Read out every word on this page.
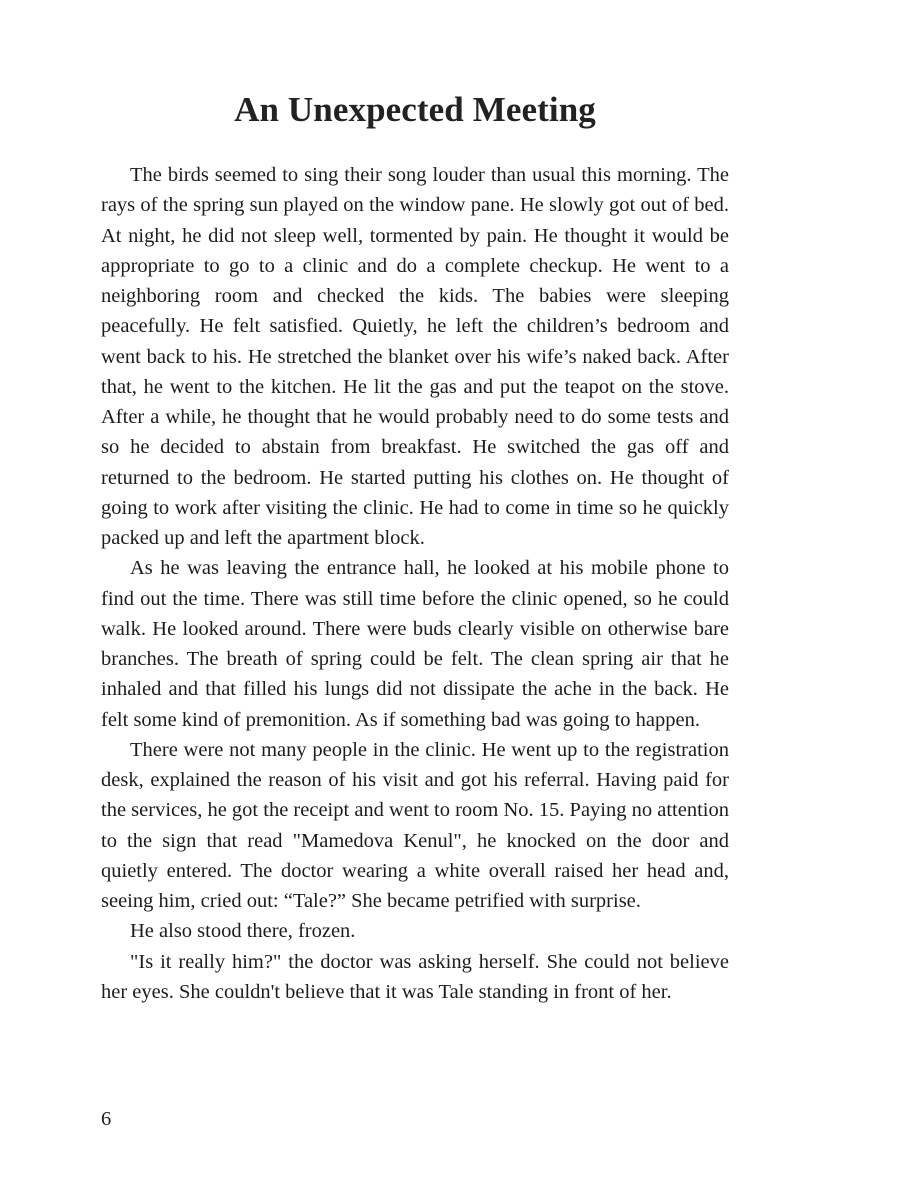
An Unexpected Meeting

The birds seemed to sing their song louder than usual this morning. The rays of the spring sun played on the window pane. He slowly got out of bed. At night, he did not sleep well, tormented by pain. He thought it would be appropriate to go to a clinic and do a complete checkup. He went to a neighboring room and checked the kids. The babies were sleeping peacefully. He felt satisfied. Quietly, he left the children’s bedroom and went back to his. He stretched the blanket over his wife’s naked back. After that, he went to the kitchen. He lit the gas and put the teapot on the stove. After a while, he thought that he would probably need to do some tests and so he decided to abstain from breakfast. He switched the gas off and returned to the bedroom. He started putting his clothes on. He thought of going to work after visiting the clinic. He had to come in time so he quickly packed up and left the apartment block.

As he was leaving the entrance hall, he looked at his mobile phone to find out the time. There was still time before the clinic opened, so he could walk. He looked around. There were buds clearly visible on otherwise bare branches. The breath of spring could be felt. The clean spring air that he inhaled and that filled his lungs did not dissipate the ache in the back. He felt some kind of premonition. As if something bad was going to happen.

There were not many people in the clinic. He went up to the registration desk, explained the reason of his visit and got his referral. Having paid for the services, he got the receipt and went to room No. 15. Paying no attention to the sign that read "Mamedova Kenul", he knocked on the door and quietly entered. The doctor wearing a white overall raised her head and, seeing him, cried out: “Tale?” She became petrified with surprise.

He also stood there, frozen.

"Is it really him?" the doctor was asking herself. She could not believe her eyes. She couldn't believe that it was Tale standing in front of her.

6
